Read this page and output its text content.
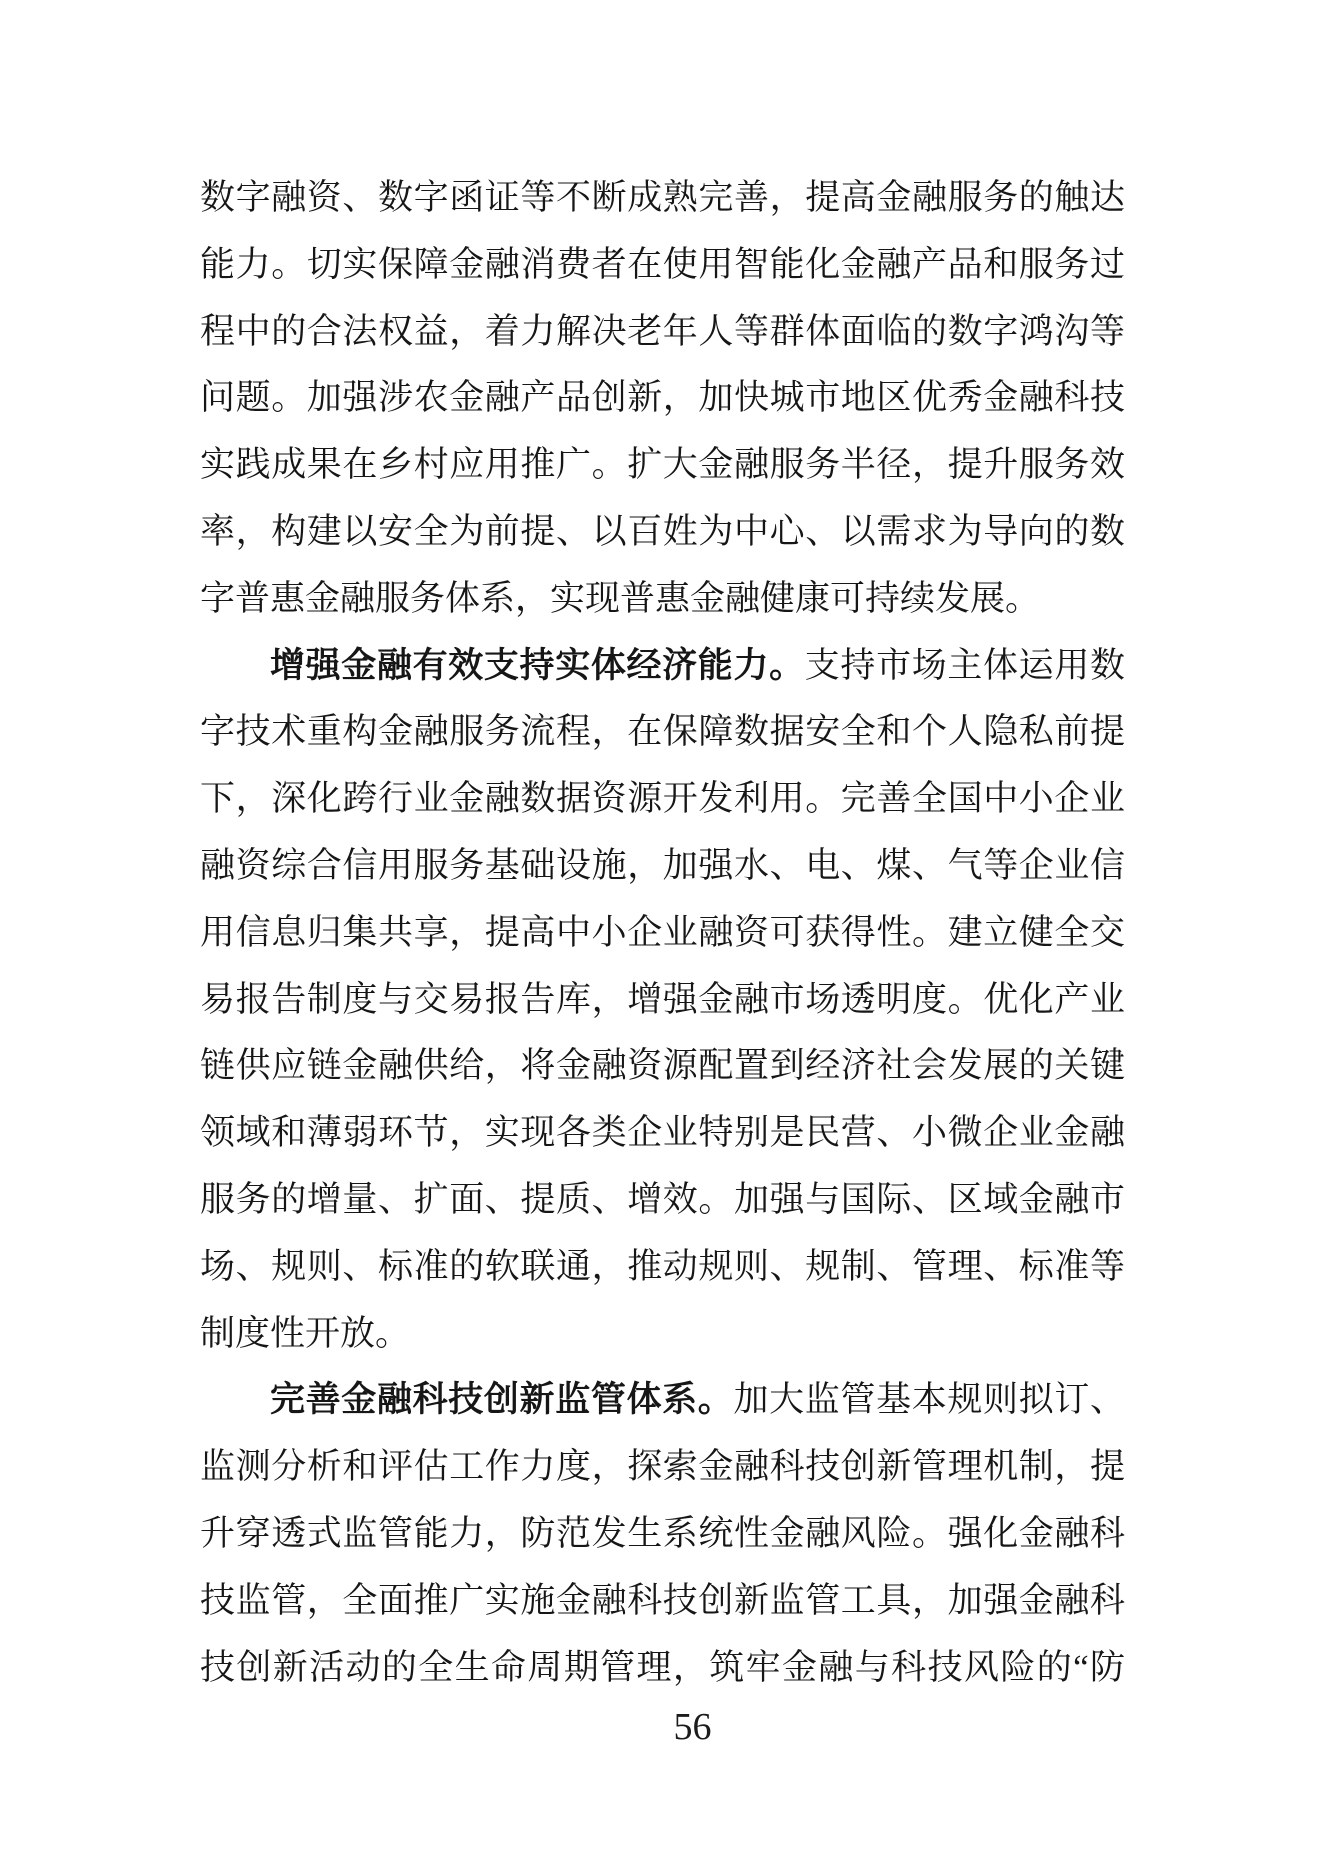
数字融资、数字函证等不断成熟完善，提高金融服务的触达
能力。切实保障金融消费者在使用智能化金融产品和服务过
程中的合法权益，着力解决老年人等群体面临的数字鸿沟等
问题。加强涉农金融产品创新，加快城市地区优秀金融科技
实践成果在乡村应用推广。扩大金融服务半径，提升服务效
率，构建以安全为前提、以百姓为中心、以需求为导向的数
字普惠金融服务体系，实现普惠金融健康可持续发展。
增强金融有效支持实体经济能力。支持市场主体运用数
字技术重构金融服务流程，在保障数据安全和个人隐私前提
下，深化跨行业金融数据资源开发利用。完善全国中小企业
融资综合信用服务基础设施，加强水、电、煤、气等企业信
用信息归集共享，提高中小企业融资可获得性。建立健全交
易报告制度与交易报告库，增强金融市场透明度。优化产业
链供应链金融供给，将金融资源配置到经济社会发展的关键
领域和薄弱环节，实现各类企业特别是民营、小微企业金融
服务的增量、扩面、提质、增效。加强与国际、区域金融市
场、规则、标准的软联通，推动规则、规制、管理、标准等
制度性开放。
完善金融科技创新监管体系。加大监管基本规则拟订、
监测分析和评估工作力度，探索金融科技创新管理机制，提
升穿透式监管能力，防范发生系统性金融风险。强化金融科
技监管，全面推广实施金融科技创新监管工具，加强金融科
技创新活动的全生命周期管理，筑牢金融与科技风险的“防
56
